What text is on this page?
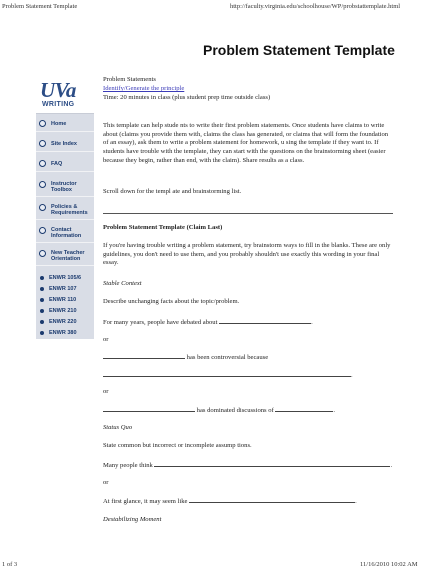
Problem Statement Template	http://faculty.virginia.edu/schoolhouse/WP/probstattemplate.html
Problem Statement Template
UVa
WRITING
Home
Site Index
FAQ
Instructor Toolbox
Policies & Requirements
Contact Information
New Teacher Orientation
ENWR 105/6
ENWR 107
ENWR 110
ENWR 210
ENWR 220
ENWR 380
Problem Statements
Identify/Generate the principle
Time: 20 minutes in class (plus student prep time outside class)
This template can help stude nts to write their first problem statements. Once students have claims to write about (claims you provide them with, claims the class has generated, or claims that will form the foundation of an essay), ask them to write a problem statement for homework, u sing the template if they want to. If students have trouble with the template, they can start with the questions on the brainstorming sheet (easier because they begin, rather than end, with the claim). Share results as a class.
Scroll down for the templ ate and brainstorming list.
Problem Statement Template (Claim Last)
If you're having trouble writing a problem statement, try brainstorm ways to fill in the blanks. These are only guidelines, you don't need to use them, and you probably shouldn't use exactly this wording in your final essay.
Stable Context
Describe unchanging facts about the topic/problem.
For many years, people have debated about	.
or
has been controversial because
.
or
has dominated discussions of	.
Status Quo
State common but incorrect or incomplete assump tions.
Many people think	.
or
At first glance, it may seem like	.
Destabilizing Moment
1 of 3	11/16/2010 10:02 AM
